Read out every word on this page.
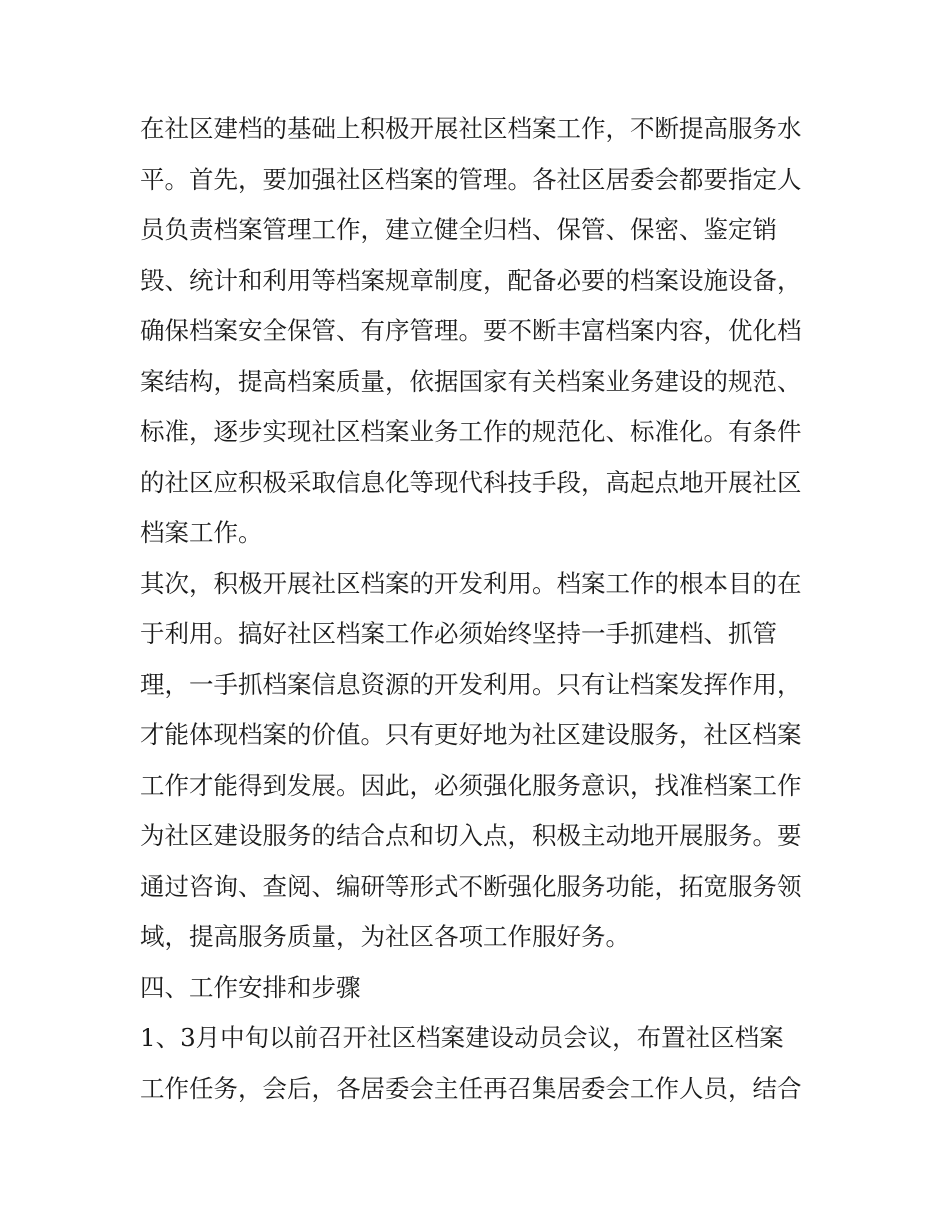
在社区建档的基础上积极开展社区档案工作，不断提高服务水
平。首先，要加强社区档案的管理。各社区居委会都要指定人
员负责档案管理工作，建立健全归档、保管、保密、鉴定销
毁、统计和利用等档案规章制度，配备必要的档案设施设备，
确保档案安全保管、有序管理。要不断丰富档案内容，优化档
案结构，提高档案质量，依据国家有关档案业务建设的规范、
标准，逐步实现社区档案业务工作的规范化、标准化。有条件
的社区应积极采取信息化等现代科技手段，高起点地开展社区
档案工作。
其次，积极开展社区档案的开发利用。档案工作的根本目的在
于利用。搞好社区档案工作必须始终坚持一手抓建档、抓管
理，一手抓档案信息资源的开发利用。只有让档案发挥作用，
才能体现档案的价值。只有更好地为社区建设服务，社区档案
工作才能得到发展。因此，必须强化服务意识，找准档案工作
为社区建设服务的结合点和切入点，积极主动地开展服务。要
通过咨询、查阅、编研等形式不断强化服务功能，拓宽服务领
域，提高服务质量，为社区各项工作服好务。
四、工作安排和步骤
1、3月中旬以前召开社区档案建设动员会议，布置社区档案
工作任务，会后，各居委会主任再召集居委会工作人员，结合
